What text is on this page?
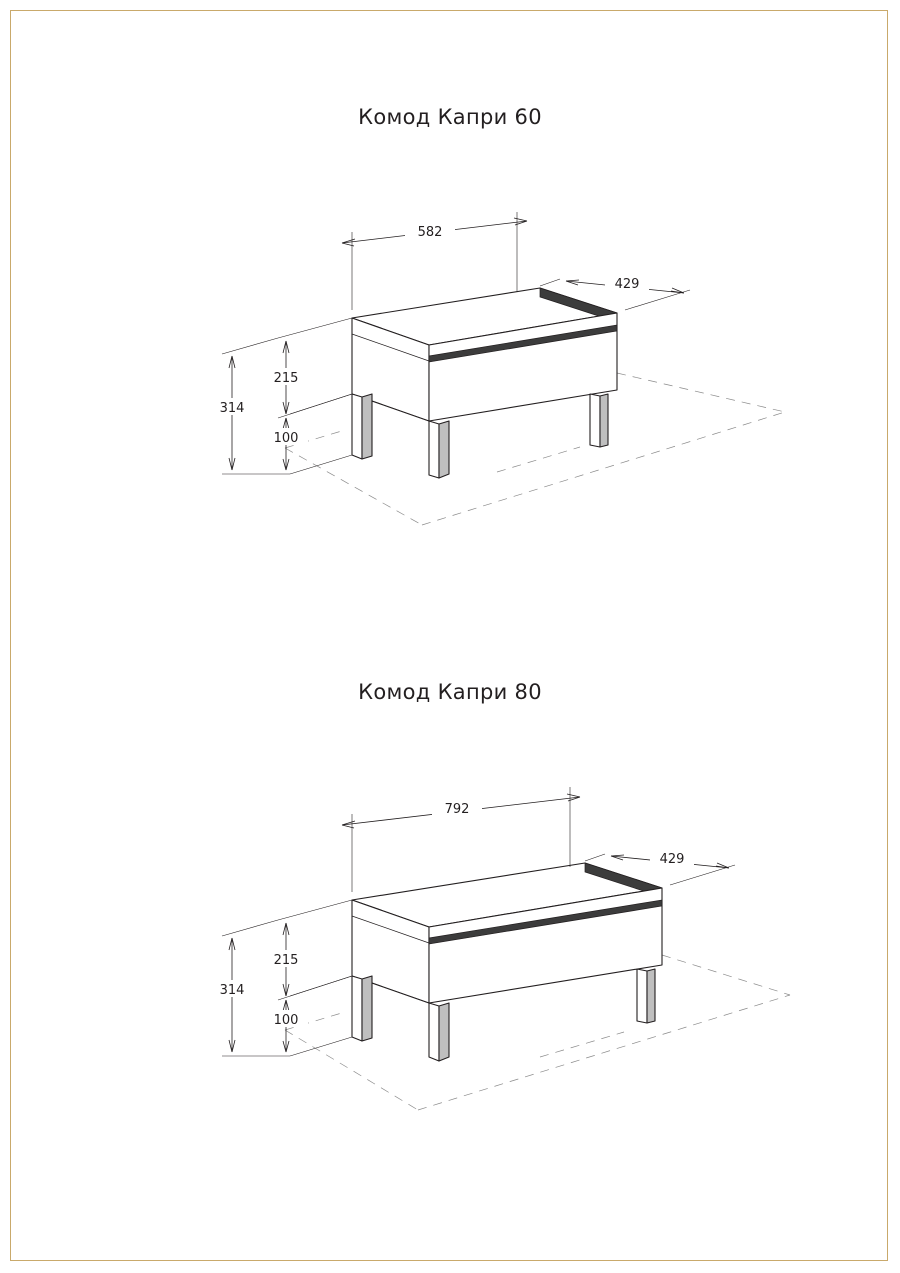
Комод Капри 60
Комод Капри 80
582
429
215
100
314
792
429
215
100
314
